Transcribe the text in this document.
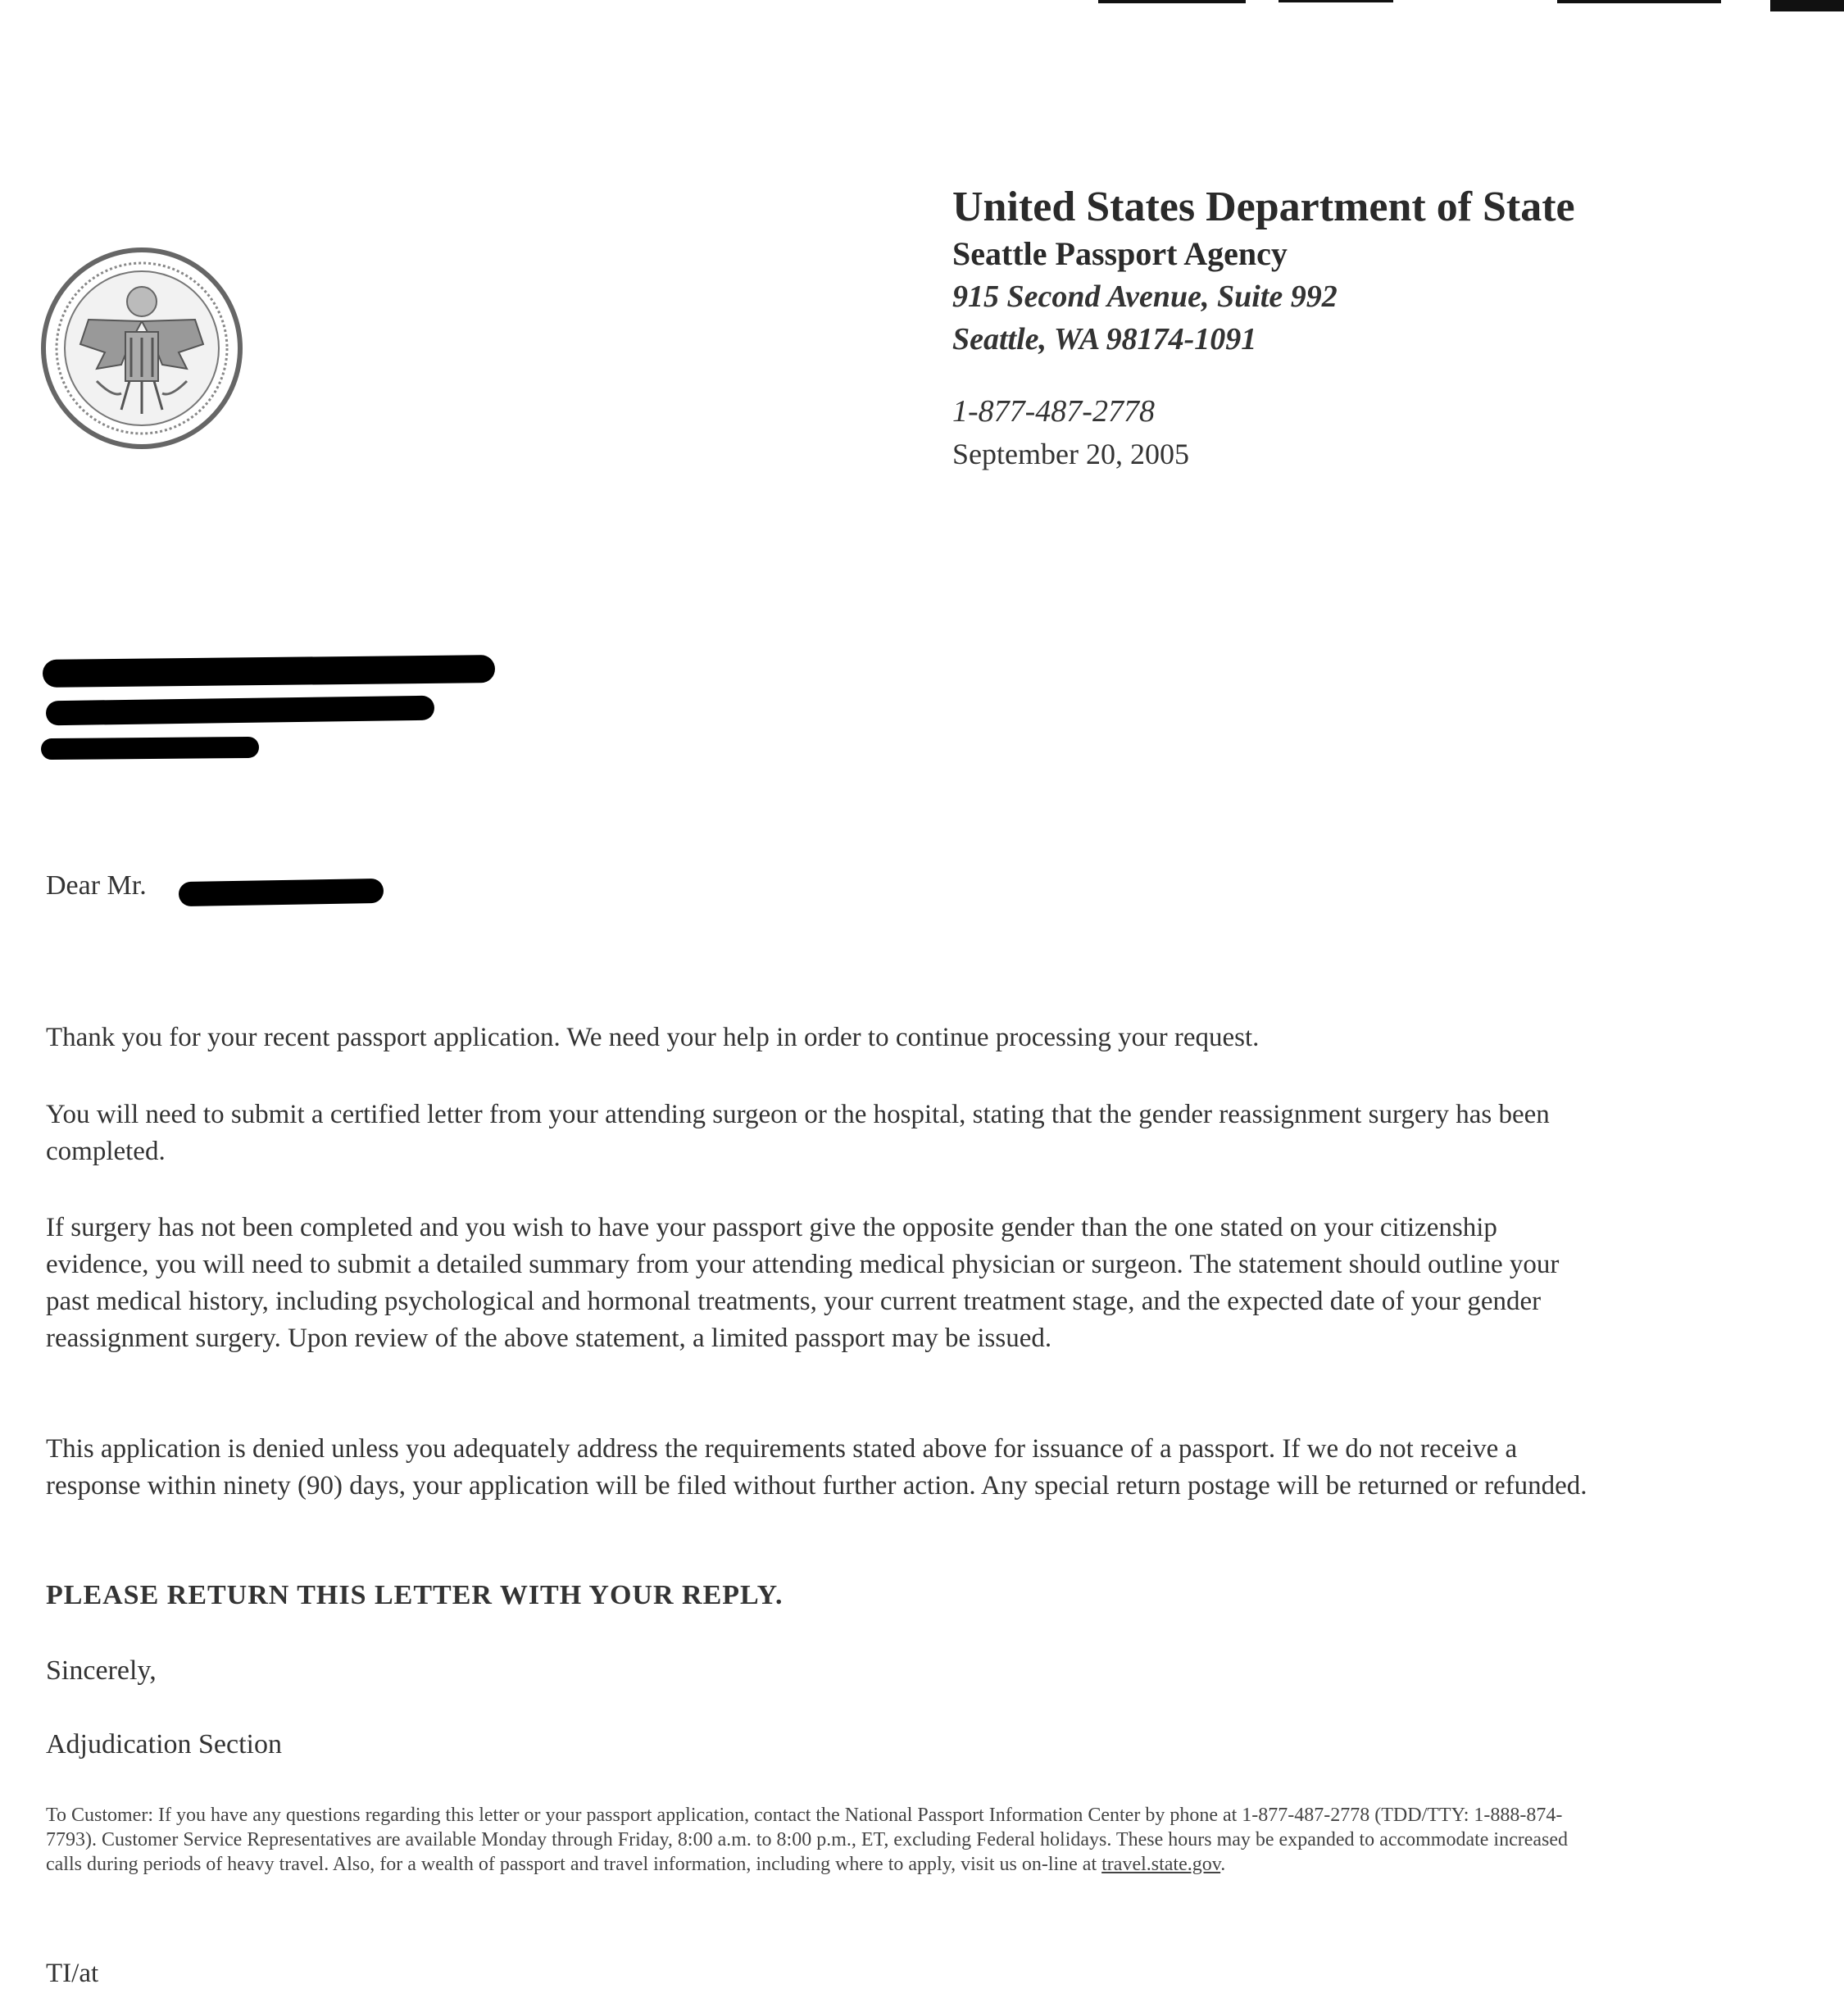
United States Department of State
Seattle Passport Agency
915 Second Avenue, Suite 992
Seattle, WA 98174-1091
1-877-487-2778
September 20, 2005
Dear Mr.
Thank you for your recent passport application. We need your help in order to continue processing your request.
You will need to submit a certified letter from your attending surgeon or the hospital, stating that the gender reassignment surgery has been completed.
If surgery has not been completed and you wish to have your passport give the opposite gender than the one stated on your citizenship evidence, you will need to submit a detailed summary from your attending medical physician or surgeon. The statement should outline your past medical history, including psychological and hormonal treatments, your current treatment stage, and the expected date of your gender reassignment surgery. Upon review of the above statement, a limited passport may be issued.
This application is denied unless you adequately address the requirements stated above for issuance of a passport. If we do not receive a response within ninety (90) days, your application will be filed without further action. Any special return postage will be returned or refunded.
PLEASE RETURN THIS LETTER WITH YOUR REPLY.
Sincerely,
Adjudication Section
To Customer: If you have any questions regarding this letter or your passport application, contact the National Passport Information Center by phone at 1-877-487-2778 (TDD/TTY: 1-888-874-7793). Customer Service Representatives are available Monday through Friday, 8:00 a.m. to 8:00 p.m., ET, excluding Federal holidays. These hours may be expanded to accommodate increased calls during periods of heavy travel. Also, for a wealth of passport and travel information, including where to apply, visit us on-line at travel.state.gov.
TI/at
